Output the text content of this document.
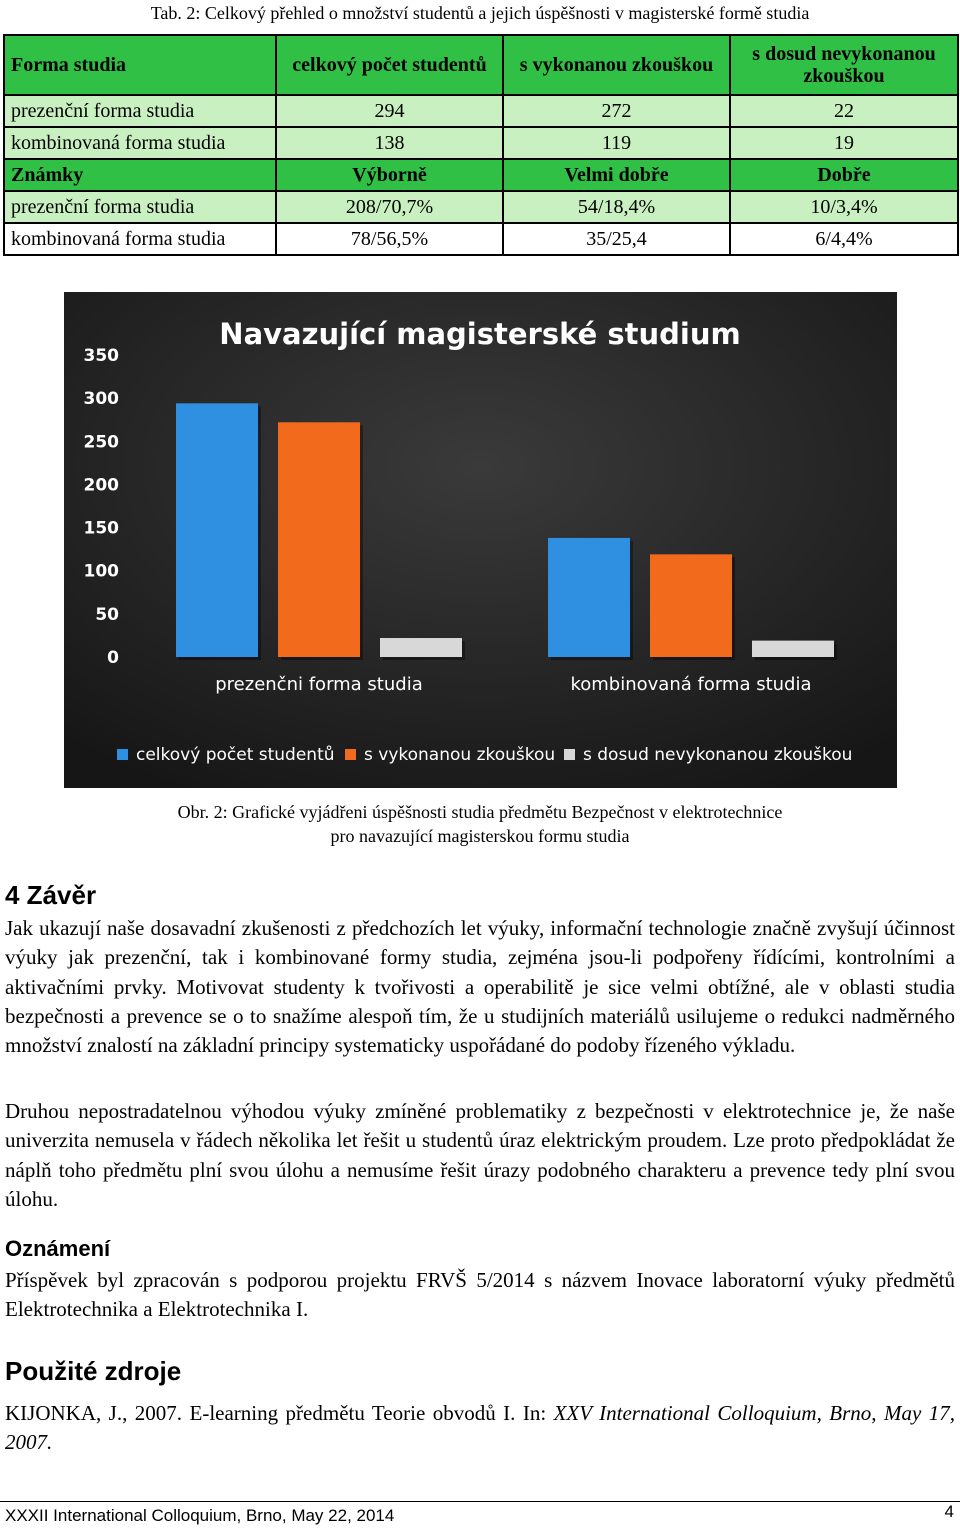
Tab. 2: Celkový přehled o množství studentů a jejich úspěšnosti v magisterské formě studia
Forma studia	celkový počet studentů	s vykonanou zkouškou	s dosud nevykonanou zkouškou
prezenční forma studia	294	272	22
kombinovaná forma studia	138	119	19
Známky	Výborně	Velmi dobře	Dobře
prezenční forma studia	208/70,7%	54/18,4%	10/3,4%
kombinovaná forma studia	78/56,5%	35/25,4	6/4,4%
Navazující magisterské studium
0
50
100
150
200
250
300
350
prezenčni forma studia	kombinovaná forma studia
celkový počet studentů s vykonanou zkouškou s dosud nevykonanou zkouškou
Obr. 2: Grafické vyjádřeni úspěšnosti studia předmětu Bezpečnost v elektrotechnice
pro navazující magisterskou formu studia
4 Závěr

Jak ukazují naše dosavadní zkušenosti z předchozích let výuky, informační technologie značně zvyšují účinnost výuky jak prezenční, tak i kombinované formy studia, zejména jsou-li podpořeny řídícími, kontrolními a aktivačními prvky. Motivovat studenty k tvořivosti a operabilitě je sice velmi obtížné, ale v oblasti studia bezpečnosti a prevence se o to snažíme alespoň tím, že u studijních materiálů usilujeme o redukci nadměrného množství znalostí na základní principy systematicky uspořádané do podoby řízeného výkladu.

Druhou nepostradatelnou výhodou výuky zmíněné problematiky z bezpečnosti v elektrotechnice je, že naše univerzita nemusela v řádech několika let řešit u studentů úraz elektrickým proudem. Lze proto předpokládat že náplň toho předmětu plní svou úlohu a nemusíme řešit úrazy podobného charakteru a prevence tedy plní svou úlohu.

Oznámení

Příspěvek byl zpracován s podporou projektu FRVŠ 5/2014 s názvem Inovace laboratorní výuky předmětů Elektrotechnika a Elektrotechnika I.

Použité zdroje

KIJONKA, J., 2007. E-learning předmětu Teorie obvodů I. In: XXV International Colloquium, Brno, May 17, 2007.

XXXII International Colloquium, Brno, May 22, 2014	4
